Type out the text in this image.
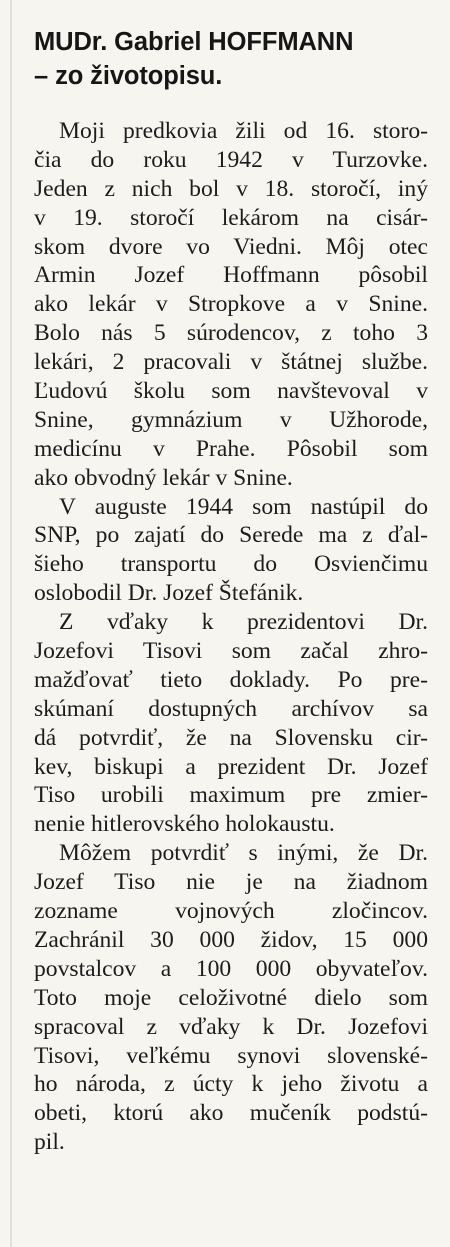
MUDr. Gabriel HOFFMANN
– zo životopisu.
Moji predkovia žili od 16. storo-
čia do roku 1942 v Turzovke.
Jeden z nich bol v 18. storočí, iný
v 19. storočí lekárom na cisár-
skom dvore vo Viedni. Môj otec
Armin Jozef Hoffmann pôsobil
ako lekár v Stropkove a v Snine.
Bolo nás 5 súrodencov, z toho 3
lekári, 2 pracovali v štátnej službe.
Ľudovú školu som navštevoval v
Snine, gymnázium v Užhorode,
medicínu v Prahe. Pôsobil som
ako obvodný lekár v Snine.
V auguste 1944 som nastúpil do
SNP, po zajatí do Serede ma z ďal-
šieho transportu do Osvienčimu
oslobodil Dr. Jozef Štefánik.
Z vďaky k prezidentovi Dr.
Jozefovi Tisovi som začal zhro-
mažďovať tieto doklady. Po pre-
skúmaní dostupných archívov sa
dá potvrdiť, že na Slovensku cir-
kev, biskupi a prezident Dr. Jozef
Tiso urobili maximum pre zmier-
nenie hitlerovského holokaustu.
Môžem potvrdiť s inými, že Dr.
Jozef Tiso nie je na žiadnom
zozname vojnových zločincov.
Zachránil 30 000 židov, 15 000
povstalcov a 100 000 obyvateľov.
Toto moje celoživotné dielo som
spracoval z vďaky k Dr. Jozefovi
Tisovi, veľkému synovi slovenské-
ho národa, z úcty k jeho životu a
obeti, ktorú ako mučeník podstú-
pil.
